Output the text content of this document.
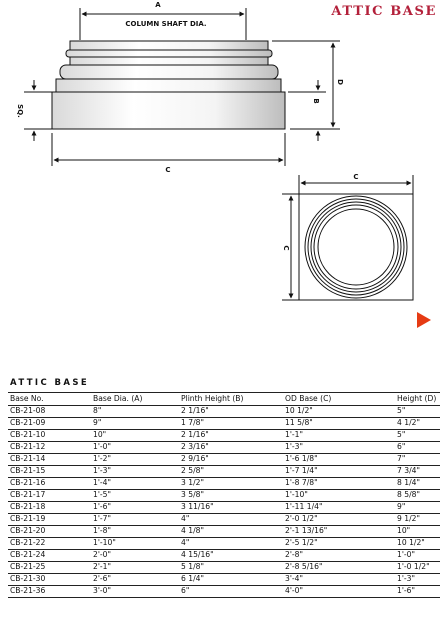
ATTIC BASE
A
COLUMN SHAFT DIA.
D
B
SQ.
C
C
C
ATTIC BASE
Base No.	Base Dia. (A)	Plinth Height (B)	OD Base (C)	Height (D)
CB-21-08	8"	2 1/16"	10 1/2"	5"
CB-21-09	9"	1 7/8"	11 5/8"	4 1/2"
CB-21-10	10"	2 1/16"	1'-1"	5"
CB-21-12	1'-0"	2 3/16"	1'-3"	6"
CB-21-14	1'-2"	2 9/16"	1'-6 1/8"	7"
CB-21-15	1'-3"	2 5/8"	1'-7 1/4"	7 3/4"
CB-21-16	1'-4"	3 1/2"	1'-8 7/8"	8 1/4"
CB-21-17	1'-5"	3 5/8"	1'-10"	8 5/8"
CB-21-18	1'-6"	3 11/16"	1'-11 1/4"	9"
CB-21-19	1'-7"	4"	2'-0 1/2"	9 1/2"
CB-21-20	1'-8"	4 1/8"	2'-1 13/16"	10"
CB-21-22	1'-10"	4"	2'-5 1/2"	10 1/2"
CB-21-24	2'-0"	4 15/16"	2'-8"	1'-0"
CB-21-25	2'-1"	5 1/8"	2'-8 5/16"	1'-0 1/2"
CB-21-30	2'-6"	6 1/4"	3'-4"	1'-3"
CB-21-36	3'-0"	6"	4'-0"	1'-6"
